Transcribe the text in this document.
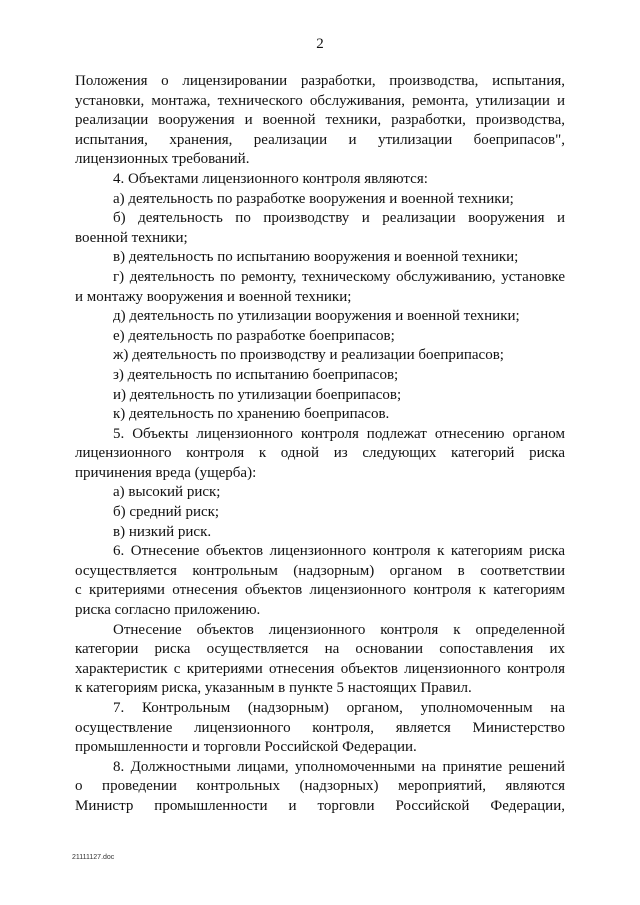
2

Положения о лицензировании разработки, производства, испытания,

установки, монтажа, технического обслуживания, ремонта, утилизации и

реализации вооружения и военной техники, разработки, производства,

испытания, хранения, реализации и утилизации боеприпасов",

лицензионных требований.

4. Объектами лицензионного контроля являются:

а) деятельность по разработке вооружения и военной техники;

б) деятельность по производству и реализации вооружения и

военной техники;

в) деятельность по испытанию вооружения и военной техники;

г) деятельность по ремонту, техническому обслуживанию, установке

и монтажу вооружения и военной техники;

д) деятельность по утилизации вооружения и военной техники;

е) деятельность по разработке боеприпасов;

ж) деятельность по производству и реализации боеприпасов;

з) деятельность по испытанию боеприпасов;

и) деятельность по утилизации боеприпасов;

к) деятельность по хранению боеприпасов.

5. Объекты лицензионного контроля подлежат отнесению органом

лицензионного контроля к одной из следующих категорий риска

причинения вреда (ущерба):

а) высокий риск;

б) средний риск;

в) низкий риск.

6. Отнесение объектов лицензионного контроля к категориям риска

осуществляется контрольным (надзорным) органом в соответствии

с критериями отнесения объектов лицензионного контроля к категориям

риска согласно приложению.

Отнесение объектов лицензионного контроля к определенной

категории риска осуществляется на основании сопоставления их

характеристик с критериями отнесения объектов лицензионного контроля

к категориям риска, указанным в пункте 5 настоящих Правил.

7. Контрольным (надзорным) органом, уполномоченным на

осуществление лицензионного контроля, является Министерство

промышленности и торговли Российской Федерации.

8. Должностными лицами, уполномоченными на принятие решений

о проведении контрольных (надзорных) мероприятий, являются

Министр промышленности и торговли Российской Федерации,

21111127.doc
